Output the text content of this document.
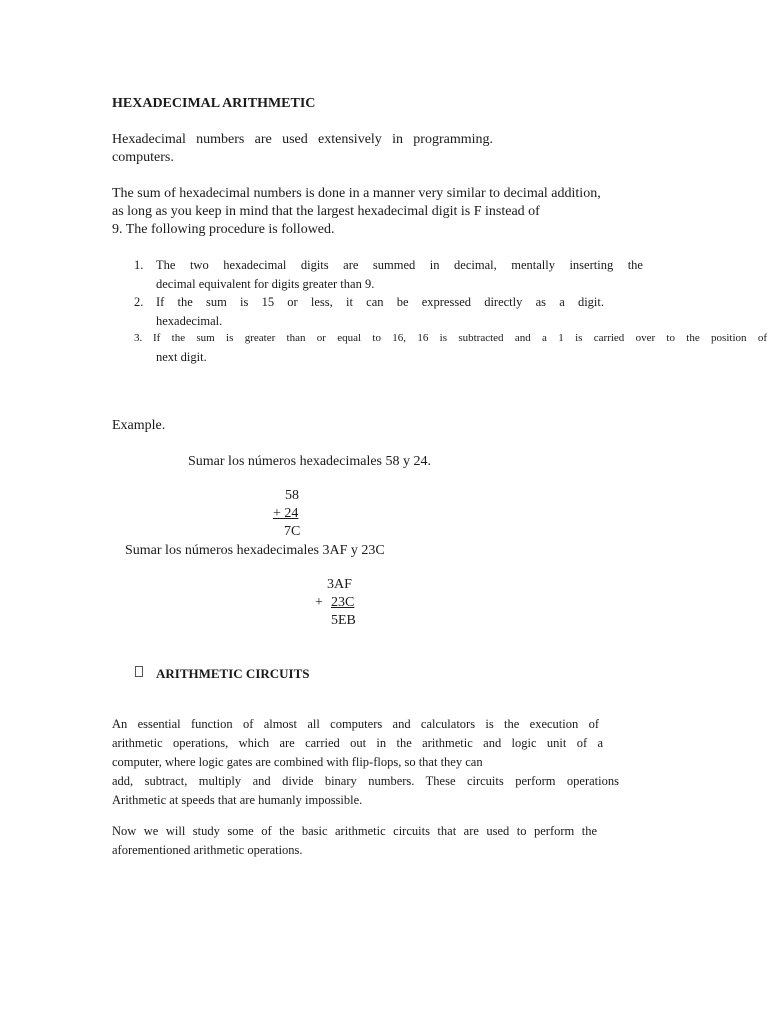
HEXADECIMAL ARITHMETIC
Hexadecimal numbers are used extensively in programming.
computers.
The sum of hexadecimal numbers is done in a manner very similar to decimal addition,
as long as you keep in mind that the largest hexadecimal digit is F instead of
9. The following procedure is followed.
1. The two hexadecimal digits are summed in decimal, mentally inserting the
decimal equivalent for digits greater than 9.
2. If the sum is 15 or less, it can be expressed directly as a digit.
hexadecimal.
3. If the sum is greater than or equal to 16, 16 is subtracted and a 1 is carried over to the position of
next digit.
Example.
Sumar los números hexadecimales 58 y 24.
58
+ 24
7C
Sumar los números hexadecimales 3AF y 23C
3AF
+ 23C
5EB
ARITHMETIC CIRCUITS
An essential function of almost all computers and calculators is the execution of
arithmetic operations, which are carried out in the arithmetic and logic unit of a
computer, where logic gates are combined with flip-flops, so that they can
add, subtract, multiply and divide binary numbers. These circuits perform operations
Arithmetic at speeds that are humanly impossible.
Now we will study some of the basic arithmetic circuits that are used to perform the
aforementioned arithmetic operations.
